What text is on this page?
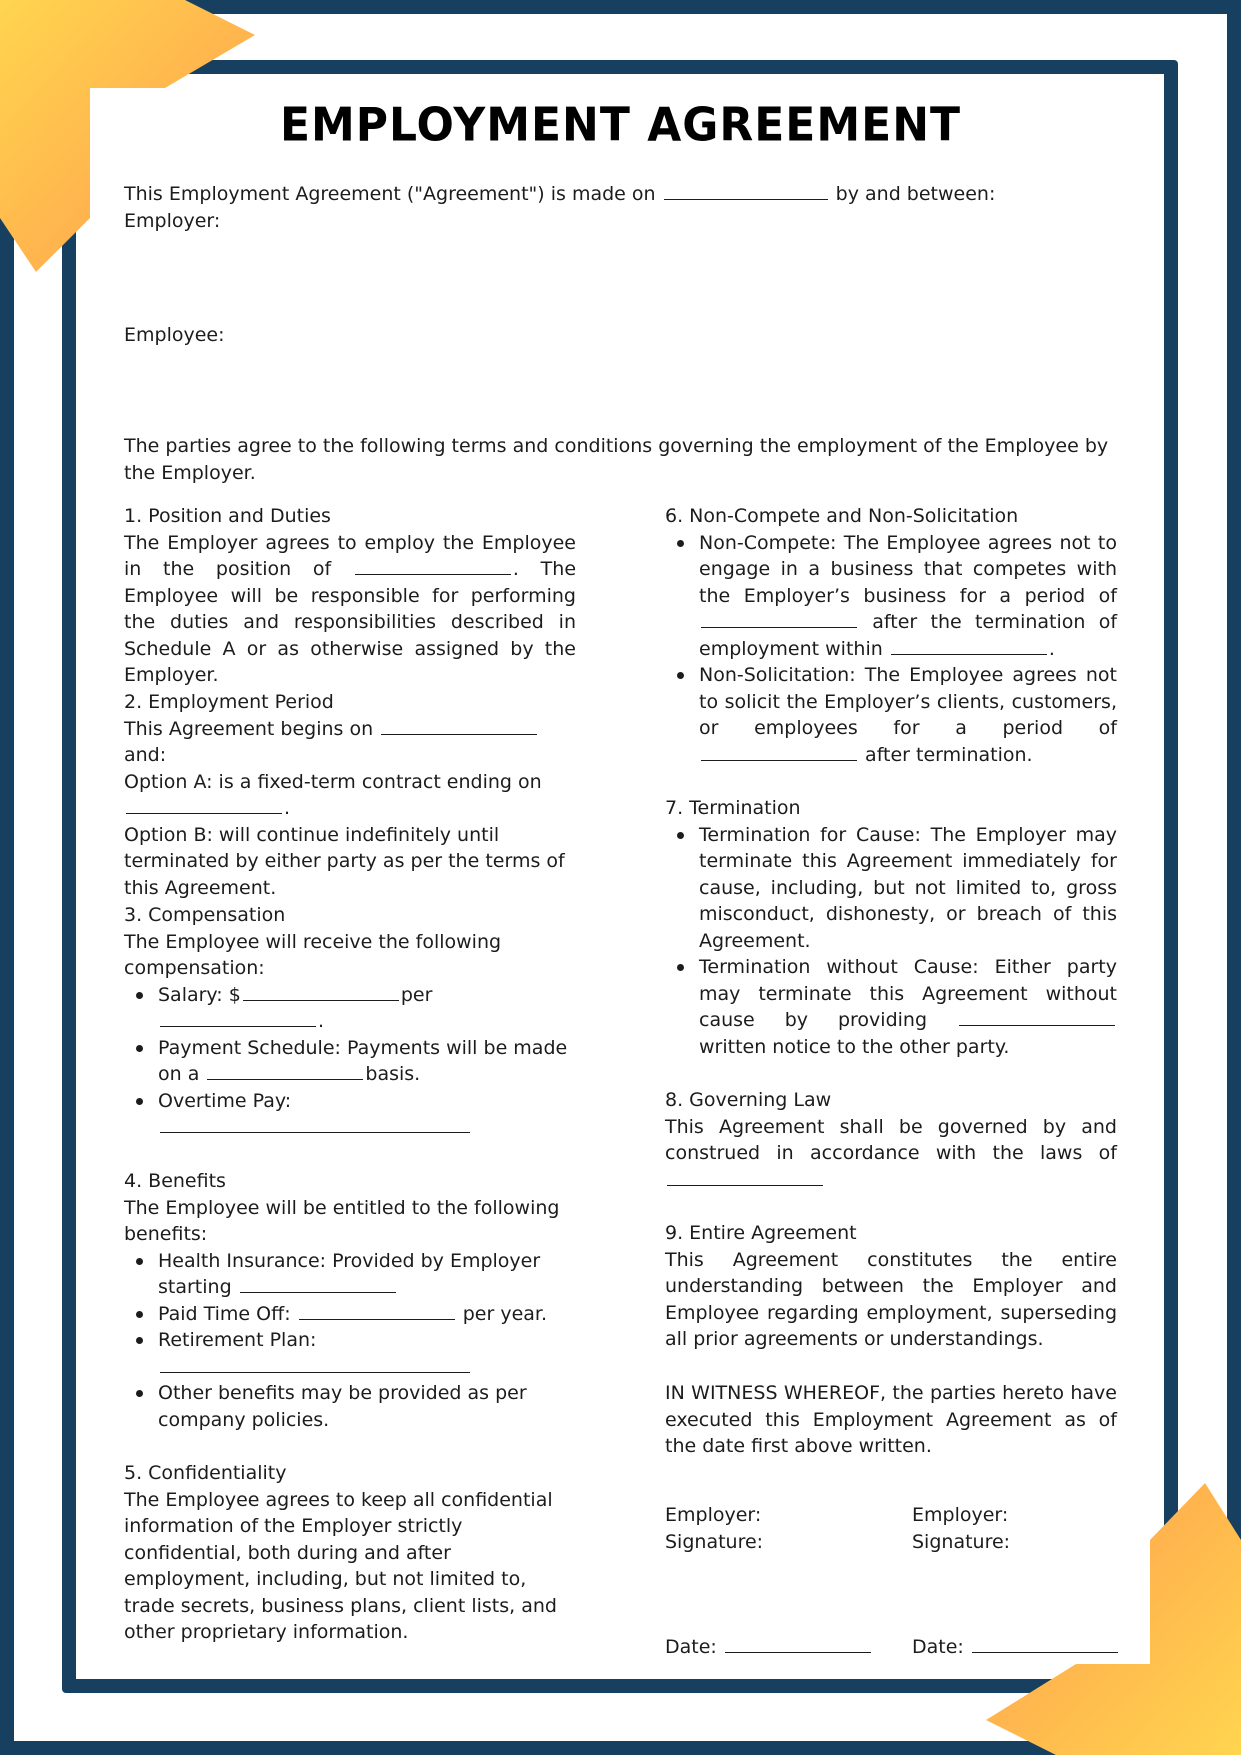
EMPLOYMENT AGREEMENT
This Employment Agreement ("Agreement") is made on	by and between:
Employer:
Employee:
The parties agree to the following terms and conditions governing the employment of the Employee by the Employer.
1. Position and Duties
The Employer agrees to employ the Employee in the position of	. The Employee will be responsible for performing the duties and responsibilities described in Schedule A or as otherwise assigned by the Employer.
2. Employment Period
This Agreement begins on  and:
Option A: is a fixed-term contract ending on
.
Option B: will continue indefinitely until terminated by either party as per the terms of this Agreement.
3. Compensation
The Employee will receive the following compensation:
Salary: $	per
.
Payment Schedule: Payments will be made on a	basis.
Overtime Pay:

4. Benefits
The Employee will be entitled to the following benefits:
Health Insurance: Provided by Employer starting
Paid Time Off:	per year.
Retirement Plan:

Other benefits may be provided as per company policies.
5. Confidentiality
The Employee agrees to keep all confidential information of the Employer strictly confidential, both during and after employment, including, but not limited to, trade secrets, business plans, client lists, and other proprietary information.
6. Non-Compete and Non-Solicitation
Non-Compete: The Employee agrees not to engage in a business that competes with the Employer’s business for a period of  after the termination of employment within	.
Non-Solicitation: The Employee agrees not to solicit the Employer’s clients, customers, or employees for a period of  after termination.
7. Termination
Termination for Cause: The Employer may terminate this Agreement immediately for cause, including, but not limited to, gross misconduct, dishonesty, or breach of this Agreement.
Termination without Cause: Either party may terminate this Agreement without cause by providing  written notice to the other party.
8. Governing Law
This Agreement shall be governed by and construed in accordance with the laws of
9. Entire Agreement
This Agreement constitutes the entire understanding between the Employer and Employee regarding employment, superseding all prior agreements or understandings.
IN WITNESS WHEREOF, the parties hereto have executed this Employment Agreement as of the date first above written.
Employer:
Signature:
Employer:
Signature:
Date:	Date:
